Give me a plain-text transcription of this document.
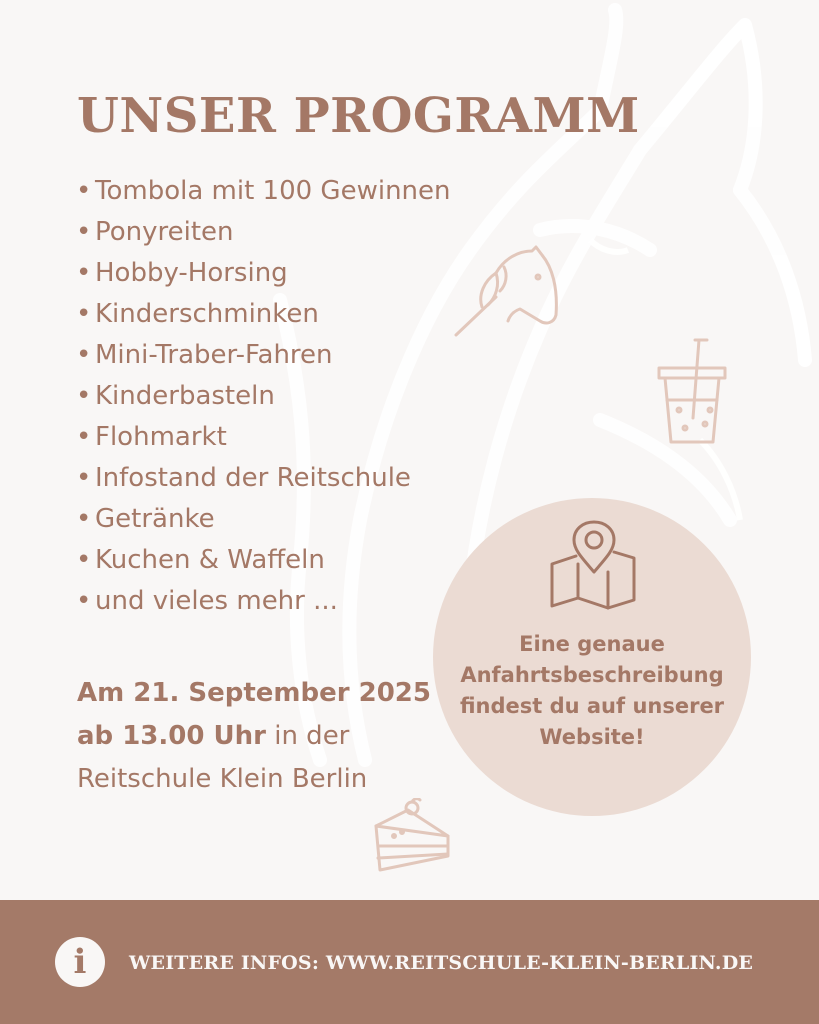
UNSER PROGRAMM
• Tombola mit 100 Gewinnen
• Ponyreiten
• Hobby-Horsing
• Kinderschminken
• Mini-Traber-Fahren
• Kinderbasteln
• Flohmarkt
• Infostand der Reitschule
• Getränke
• Kuchen & Waffeln
• und vieles mehr ...
Am 21. September 2025
ab 13.00 Uhr in der
Reitschule Klein Berlin
Eine genaue
Anfahrtsbeschreibung
findest du auf unserer
Website!
i	WEITERE INFOS: WWW.REITSCHULE-KLEIN-BERLIN.DE
